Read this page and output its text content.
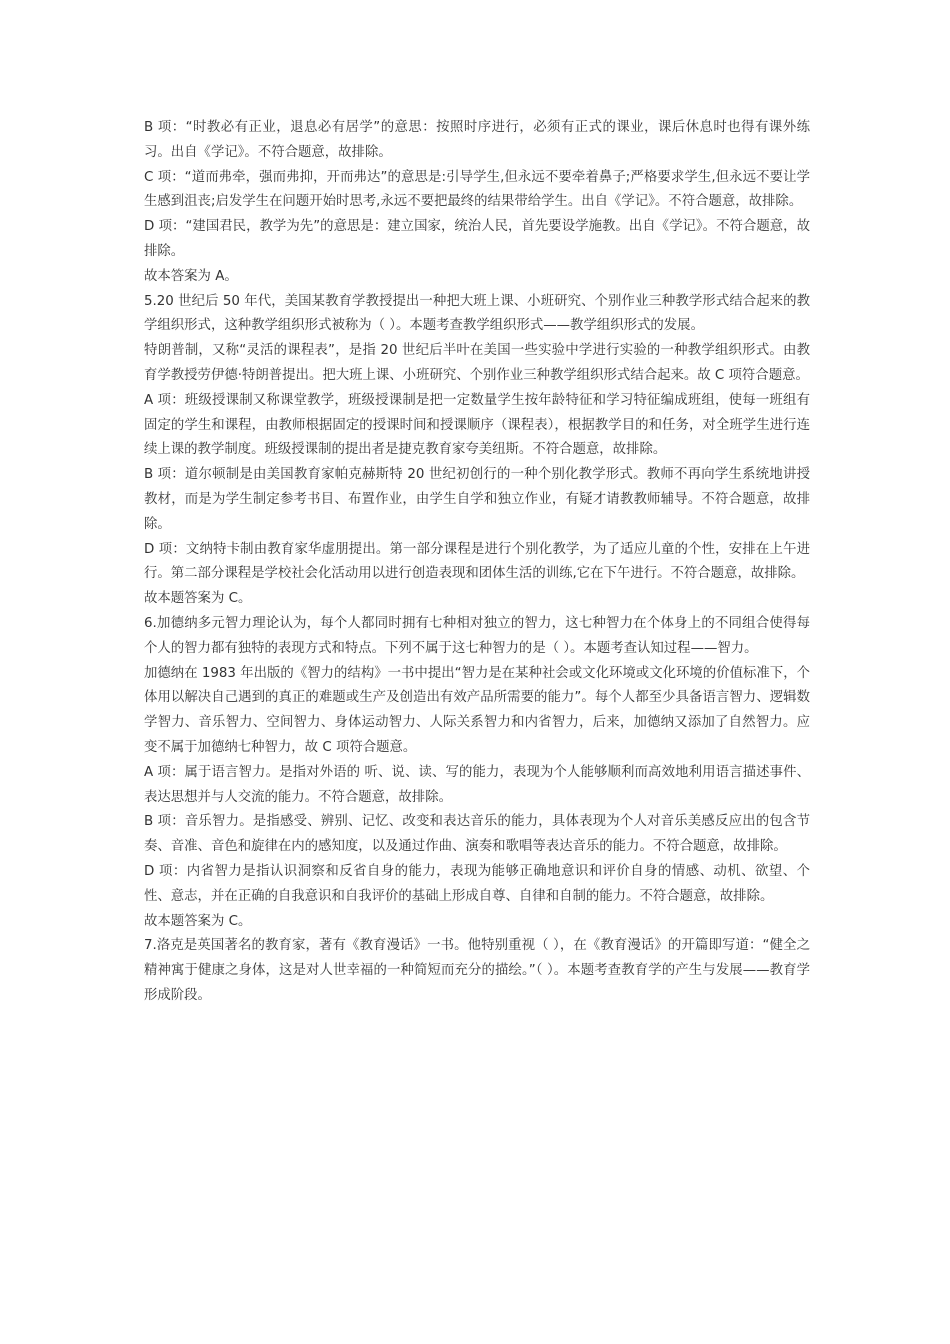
B 项：“时教必有正业，退息必有居学”的意思：按照时序进行，必须有正式的课业，课后休息时也得有课外练习。出自《学记》。不符合题意，故排除。

C 项：“道而弗牵，强而弗抑，开而弗达”的意思是:引导学生,但永远不要牵着鼻子;严格要求学生,但永远不要让学生感到沮丧;启发学生在问题开始时思考,永远不要把最终的结果带给学生。出自《学记》。不符合题意，故排除。

D 项：“建国君民，教学为先”的意思是：建立国家，统治人民，首先要设学施教。出自《学记》。不符合题意，故排除。

故本答案为 A。

5.20 世纪后 50 年代，美国某教育学教授提出一种把大班上课、小班研究、个别作业三种教学形式结合起来的教学组织形式，这种教学组织形式被称为（ ）。本题考查教学组织形式——教学组织形式的发展。

特朗普制，又称“灵活的课程表”，是指 20 世纪后半叶在美国一些实验中学进行实验的一种教学组织形式。由教育学教授劳伊德·特朗普提出。把大班上课、小班研究、个别作业三种教学组织形式结合起来。故 C 项符合题意。

A 项：班级授课制又称课堂教学，班级授课制是把一定数量学生按年龄特征和学习特征编成班组，使每一班组有固定的学生和课程，由教师根据固定的授课时间和授课顺序（课程表），根据教学目的和任务，对全班学生进行连续上课的教学制度。班级授课制的提出者是捷克教育家夸美纽斯。不符合题意，故排除。

B 项：道尔顿制是由美国教育家帕克赫斯特 20 世纪初创行的一种个别化教学形式。教师不再向学生系统地讲授教材，而是为学生制定参考书目、布置作业，由学生自学和独立作业，有疑才请教教师辅导。不符合题意，故排除。

D 项：文纳特卡制由教育家华虚朋提出。第一部分课程是进行个别化教学，为了适应儿童的个性，安排在上午进行。第二部分课程是学校社会化活动用以进行创造表现和团体生活的训练,它在下午进行。不符合题意，故排除。

故本题答案为 C。

6.加德纳多元智力理论认为，每个人都同时拥有七种相对独立的智力，这七种智力在个体身上的不同组合使得每个人的智力都有独特的表现方式和特点。下列不属于这七种智力的是（ ）。本题考查认知过程——智力。

加德纳在 1983 年出版的《智力的结构》一书中提出“智力是在某种社会或文化环境或文化环境的价值标准下，个体用以解决自己遇到的真正的难题或生产及创造出有效产品所需要的能力”。每个人都至少具备语言智力、逻辑数学智力、音乐智力、空间智力、身体运动智力、人际关系智力和内省智力，后来，加德纳又添加了自然智力。应变不属于加德纳七种智力，故 C 项符合题意。

A 项：属于语言智力。是指对外语的 听、说、读、写的能力，表现为个人能够顺利而高效地利用语言描述事件、表达思想并与人交流的能力。不符合题意，故排除。

B 项：音乐智力。是指感受、辨别、记忆、改变和表达音乐的能力，具体表现为个人对音乐美感反应出的包含节奏、音准、音色和旋律在内的感知度，以及通过作曲、演奏和歌唱等表达音乐的能力。不符合题意，故排除。

D 项：内省智力是指认识洞察和反省自身的能力，表现为能够正确地意识和评价自身的情感、动机、欲望、个性、意志，并在正确的自我意识和自我评价的基础上形成自尊、自律和自制的能力。不符合题意，故排除。

故本题答案为 C。

7.洛克是英国著名的教育家，著有《教育漫话》一书。他特别重视（ ），在《教育漫话》的开篇即写道：“健全之精神寓于健康之身体，这是对人世幸福的一种简短而充分的描绘。”（ ）。本题考查教育学的产生与发展——教育学形成阶段。
